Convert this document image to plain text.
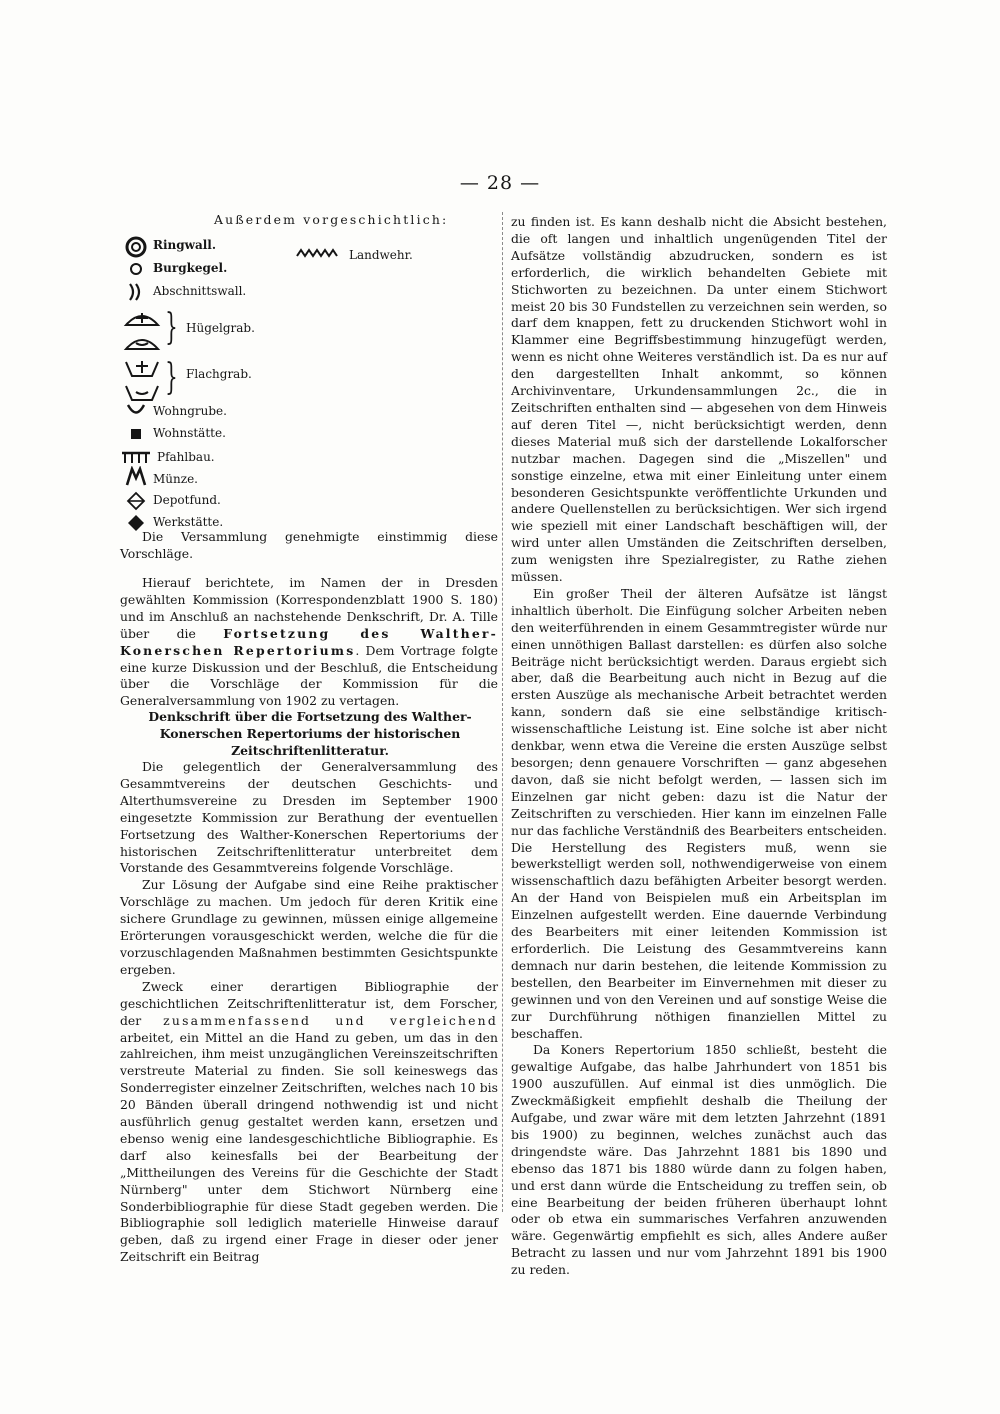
— 28 —
Außerdem vorgeschichtlich:
Ringwall.
Landwehr.
Burgkegel.
Abschnittswall.
} Hügelgrab.
} Flachgrab.
Wohngrube.
Wohnstätte.
Pfahlbau.
Münze.
Depotfund.
Werkstätte.

Die Versammlung genehmigte einstimmig diese Vorschläge.

Hierauf berichtete, im Namen der in Dresden gewählten Kommission (Korrespondenzblatt 1900 S. 180) und im Anschluß an nachstehende Denkschrift, Dr. A. Tille über die Fortsetzung des Walther-Konerschen Repertoriums. Dem Vortrage folgte eine kurze Diskussion und der Beschluß, die Entscheidung über die Vorschläge der Kommission für die Generalversammlung von 1902 zu vertagen.

Denkschrift über die Fortsetzung des Walther-Konerschen Repertoriums der historischen Zeitschriftenlitteratur.

Die gelegentlich der Generalversammlung des Gesammtvereins der deutschen Geschichts- und Alterthumsvereine zu Dresden im September 1900 eingesetzte Kommission zur Berathung der eventuellen Fortsetzung des Walther-Konerschen Repertoriums der historischen Zeitschriftenlitteratur unterbreitet dem Vorstande des Gesammtvereins folgende Vorschläge.

Zur Lösung der Aufgabe sind eine Reihe praktischer Vorschläge zu machen. Um jedoch für deren Kritik eine sichere Grundlage zu gewinnen, müssen einige allgemeine Erörterungen vorausgeschickt werden, welche die für die vorzuschlagenden Maßnahmen bestimmten Gesichtspunkte ergeben.

Zweck einer derartigen Bibliographie der geschichtlichen Zeitschriftenlitteratur ist, dem Forscher, der zusammenfassend und vergleichend arbeitet, ein Mittel an die Hand zu geben, um das in den zahlreichen, ihm meist unzugänglichen Vereinszeitschriften verstreute Material zu finden. Sie soll keineswegs das Sonderregister einzelner Zeitschriften, welches nach 10 bis 20 Bänden überall dringend nothwendig ist und nicht ausführlich genug gestaltet werden kann, ersetzen und ebenso wenig eine landesgeschichtliche Bibliographie. Es darf also keinesfalls bei der Bearbeitung der „Mittheilungen des Vereins für die Geschichte der Stadt Nürnberg" unter dem Stichwort Nürnberg eine Sonderbibliographie für diese Stadt gegeben werden. Die Bibliographie soll lediglich materielle Hinweise darauf geben, daß zu irgend einer Frage in dieser oder jener Zeitschrift ein Beitrag

zu finden ist. Es kann deshalb nicht die Absicht bestehen, die oft langen und inhaltlich ungenügenden Titel der Aufsätze vollständig abzudrucken, sondern es ist erforderlich, die wirklich behandelten Gebiete mit Stichworten zu bezeichnen. Da unter einem Stichwort meist 20 bis 30 Fundstellen zu verzeichnen sein werden, so darf dem knappen, fett zu druckenden Stichwort wohl in Klammer eine Begriffsbestimmung hinzugefügt werden, wenn es nicht ohne Weiteres verständlich ist. Da es nur auf den dargestellten Inhalt ankommt, so können Archivinventare, Urkundensammlungen 2c., die in Zeitschriften enthalten sind — abgesehen von dem Hinweis auf deren Titel —, nicht berücksichtigt werden, denn dieses Material muß sich der darstellende Lokalforscher nutzbar machen. Dagegen sind die „Miszellen" und sonstige einzelne, etwa mit einer Einleitung unter einem besonderen Gesichtspunkte veröffentlichte Urkunden und andere Quellenstellen zu berücksichtigen. Wer sich irgend wie speziell mit einer Landschaft beschäftigen will, der wird unter allen Umständen die Zeitschriften derselben, zum wenigsten ihre Spezialregister, zu Rathe ziehen müssen.

Ein großer Theil der älteren Aufsätze ist längst inhaltlich überholt. Die Einfügung solcher Arbeiten neben den weiterführenden in einem Gesammtregister würde nur einen unnöthigen Ballast darstellen: es dürfen also solche Beiträge nicht berücksichtigt werden. Daraus ergiebt sich aber, daß die Bearbeitung auch nicht in Bezug auf die ersten Auszüge als mechanische Arbeit betrachtet werden kann, sondern daß sie eine selbständige kritisch-wissenschaftliche Leistung ist. Eine solche ist aber nicht denkbar, wenn etwa die Vereine die ersten Auszüge selbst besorgen; denn genauere Vorschriften — ganz abgesehen davon, daß sie nicht befolgt werden, — lassen sich im Einzelnen gar nicht geben: dazu ist die Natur der Zeitschriften zu verschieden. Hier kann im einzelnen Falle nur das fachliche Verständniß des Bearbeiters entscheiden. Die Herstellung des Registers muß, wenn sie bewerkstelligt werden soll, nothwendigerweise von einem wissenschaftlich dazu befähigten Arbeiter besorgt werden. An der Hand von Beispielen muß ein Arbeitsplan im Einzelnen aufgestellt werden. Eine dauernde Verbindung des Bearbeiters mit einer leitenden Kommission ist erforderlich. Die Leistung des Gesammtvereins kann demnach nur darin bestehen, die leitende Kommission zu bestellen, den Bearbeiter im Einvernehmen mit dieser zu gewinnen und von den Vereinen und auf sonstige Weise die zur Durchführung nöthigen finanziellen Mittel zu beschaffen.

Da Koners Repertorium 1850 schließt, besteht die gewaltige Aufgabe, das halbe Jahrhundert von 1851 bis 1900 auszufüllen. Auf einmal ist dies unmöglich. Die Zweckmäßigkeit empfiehlt deshalb die Theilung der Aufgabe, und zwar wäre mit dem letzten Jahrzehnt (1891 bis 1900) zu beginnen, welches zunächst auch das dringendste wäre. Das Jahrzehnt 1881 bis 1890 und ebenso das 1871 bis 1880 würde dann zu folgen haben, und erst dann würde die Entscheidung zu treffen sein, ob eine Bearbeitung der beiden früheren überhaupt lohnt oder ob etwa ein summarisches Verfahren anzuwenden wäre. Gegenwärtig empfiehlt es sich, alles Andere außer Betracht zu lassen und nur vom Jahrzehnt 1891 bis 1900 zu reden.
